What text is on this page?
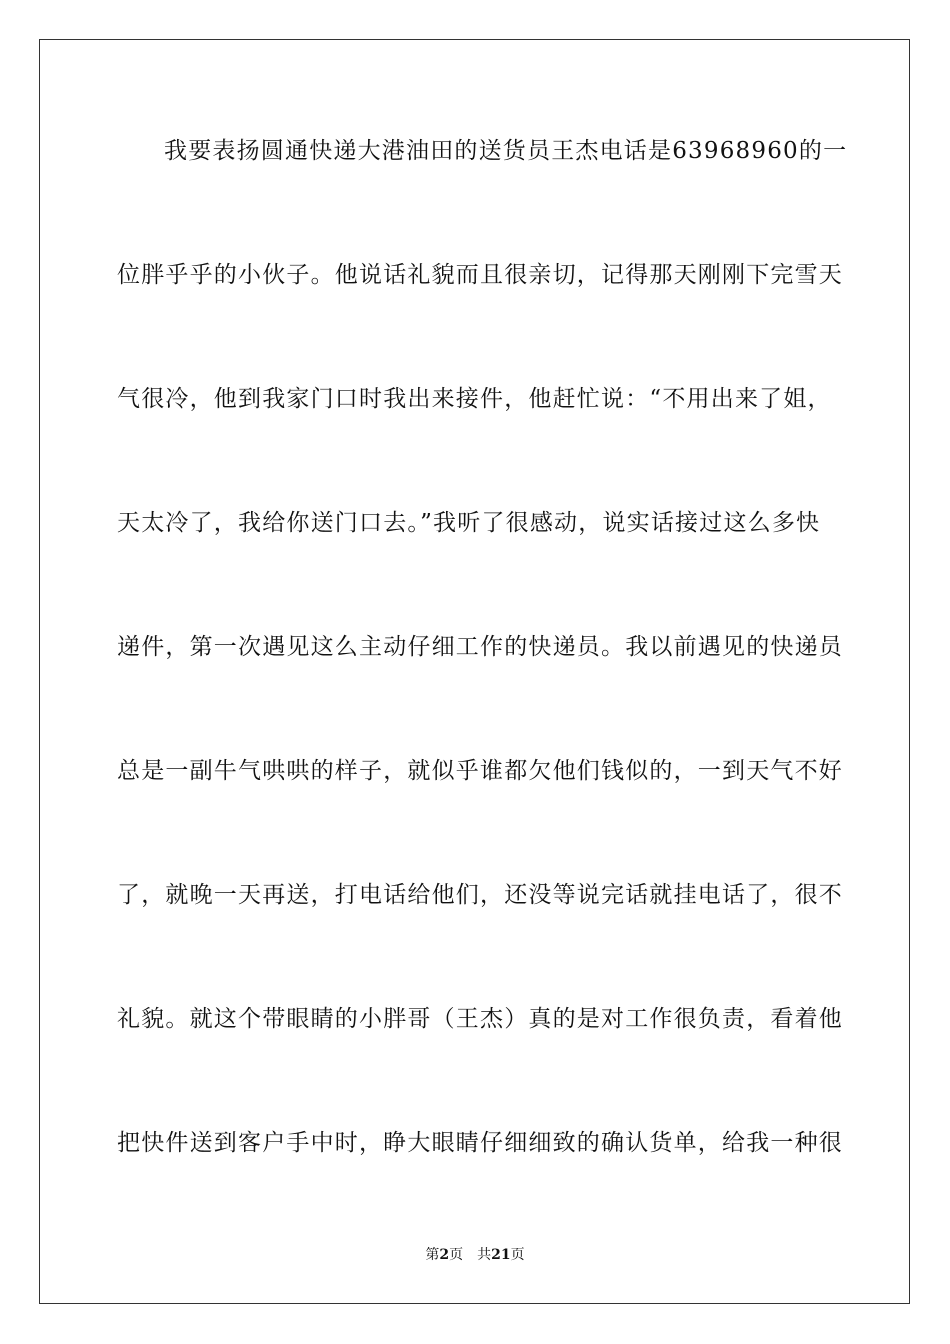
我要表扬圆通快递大港油田的送货员王杰电话是63968960的一
位胖乎乎的小伙子。他说话礼貌而且很亲切，记得那天刚刚下完雪天
气很冷，他到我家门口时我出来接件，他赶忙说：“不用出来了姐，
天太冷了，我给你送门口去。”我听了很感动，说实话接过这么多快
递件，第一次遇见这么主动仔细工作的快递员。我以前遇见的快递员
总是一副牛气哄哄的样子，就似乎谁都欠他们钱似的，一到天气不好
了，就晚一天再送，打电话给他们，还没等说完话就挂电话了，很不
礼貌。就这个带眼睛的小胖哥（王杰）真的是对工作很负责，看着他
把快件送到客户手中时，睁大眼睛仔细细致的确认货单，给我一种很
第2页 共21页
